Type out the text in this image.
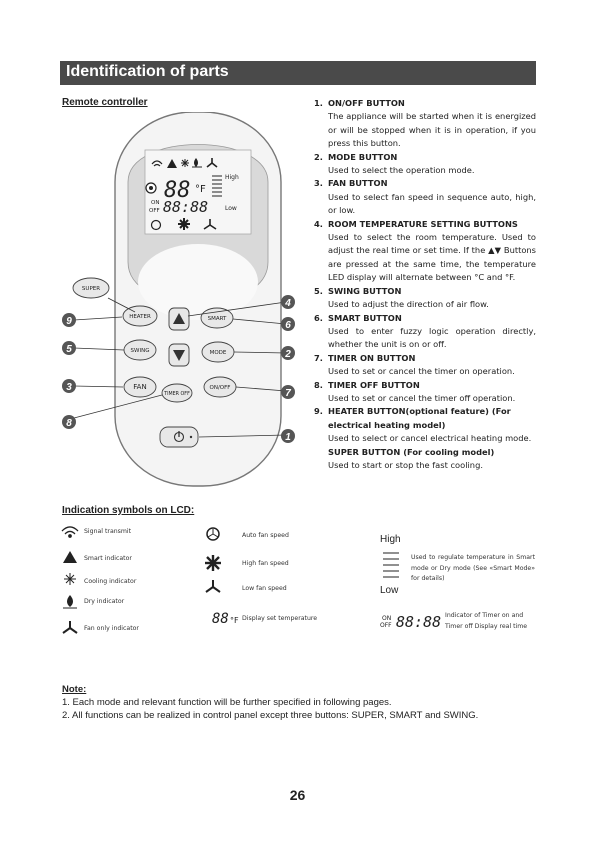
Identification of parts
Remote controller
88 °F
High
Low
ON
OFF 88:88
SUPER
HEATER	SMART
SWING	MODE
FAN
TIMER OFF
ON/OFF
9
5
3
8
4
6
2
7
1
1. ON/OFF BUTTON
The appliance will be started when it is energized or will be stopped when it is in operation, if you press this button.
2. MODE BUTTON
Used to select the operation mode.
3. FAN BUTTON
Used to select fan speed in sequence auto, high, or low.
4. ROOM TEMPERATURE SETTING BUTTONS
Used to select the room temperature. Used to adjust the real time or set time. If the ▲▼ Buttons are pressed at the same time, the temperature LED display will alternate between °C and °F.
5. SWING BUTTON
Used to adjust the direction of air flow.
6. SMART BUTTON
Used to enter fuzzy logic operation directly, whether the unit is on or off.
7. TIMER ON BUTTON
Used to set or cancel the timer on operation.
8. TIMER OFF BUTTON
Used to set or cancel the timer off operation.
9. HEATER BUTTON(optional feature) (For electrical heating model)
Used to select or cancel electrical heating mode.
SUPER BUTTON (For cooling model)
Used to start or stop the fast cooling.
Indication symbols on LCD:
88 °F
High
Low
ON
OFF 88:88
Signal transmit
Smart indicator
Cooling indicator
Dry indicator
Fan only indicator
Auto fan speed
High fan speed
Low fan speed
Display set temperature
Used to regulate temperature in Smart mode or Dry mode (See «Smart Mode» for details)
Indicator of Timer on and Timer off Display real time
Note:
1. Each mode and relevant function will be further specified in following pages.
2. All functions can be realized in control panel except three buttons: SUPER, SMART and SWING.
26
